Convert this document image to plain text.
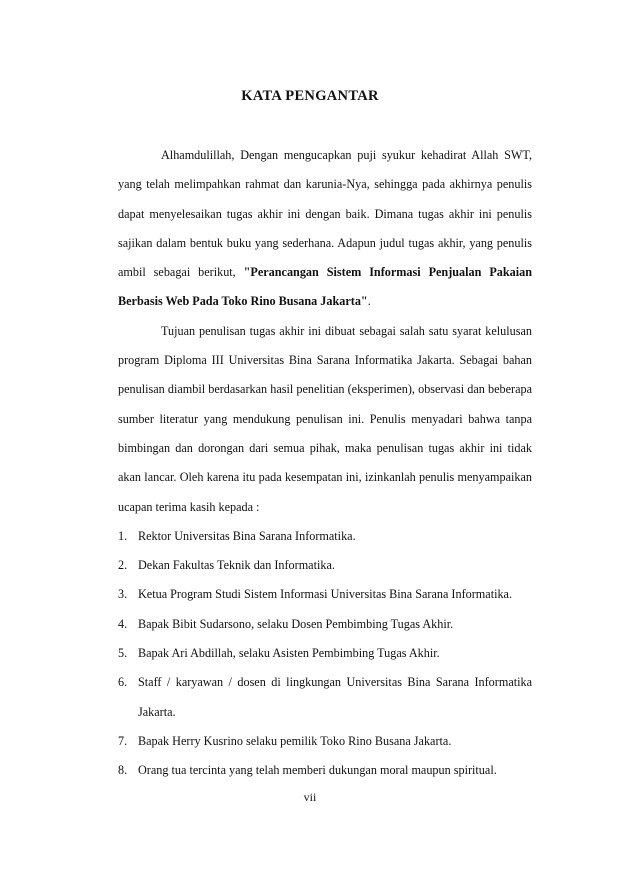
KATA PENGANTAR

Alhamdulillah, Dengan mengucapkan puji syukur kehadirat Allah SWT, yang telah melimpahkan rahmat dan karunia-Nya, sehingga pada akhirnya penulis dapat menyelesaikan tugas akhir ini dengan baik. Dimana tugas akhir ini penulis sajikan dalam bentuk buku yang sederhana. Adapun judul tugas akhir, yang penulis ambil sebagai berikut, "Perancangan Sistem Informasi Penjualan Pakaian Berbasis Web Pada Toko Rino Busana Jakarta".

Tujuan penulisan tugas akhir ini dibuat sebagai salah satu syarat kelulusan program Diploma III Universitas Bina Sarana Informatika Jakarta. Sebagai bahan penulisan diambil berdasarkan hasil penelitian (eksperimen), observasi dan beberapa sumber literatur yang mendukung penulisan ini. Penulis menyadari bahwa tanpa bimbingan dan dorongan dari semua pihak, maka penulisan tugas akhir ini tidak akan lancar. Oleh karena itu pada kesempatan ini, izinkanlah penulis menyampaikan ucapan terima kasih kepada :

1. Rektor Universitas Bina Sarana Informatika.
2. Dekan Fakultas Teknik dan Informatika.
3. Ketua Program Studi Sistem Informasi Universitas Bina Sarana Informatika.
4. Bapak Bibit Sudarsono, selaku Dosen Pembimbing Tugas Akhir.
5. Bapak Ari Abdillah, selaku Asisten Pembimbing Tugas Akhir.
6. Staff / karyawan / dosen di lingkungan Universitas Bina Sarana Informatika Jakarta.
7. Bapak Herry Kusrino selaku pemilik Toko Rino Busana Jakarta.
8. Orang tua tercinta yang telah memberi dukungan moral maupun spiritual.
vii
